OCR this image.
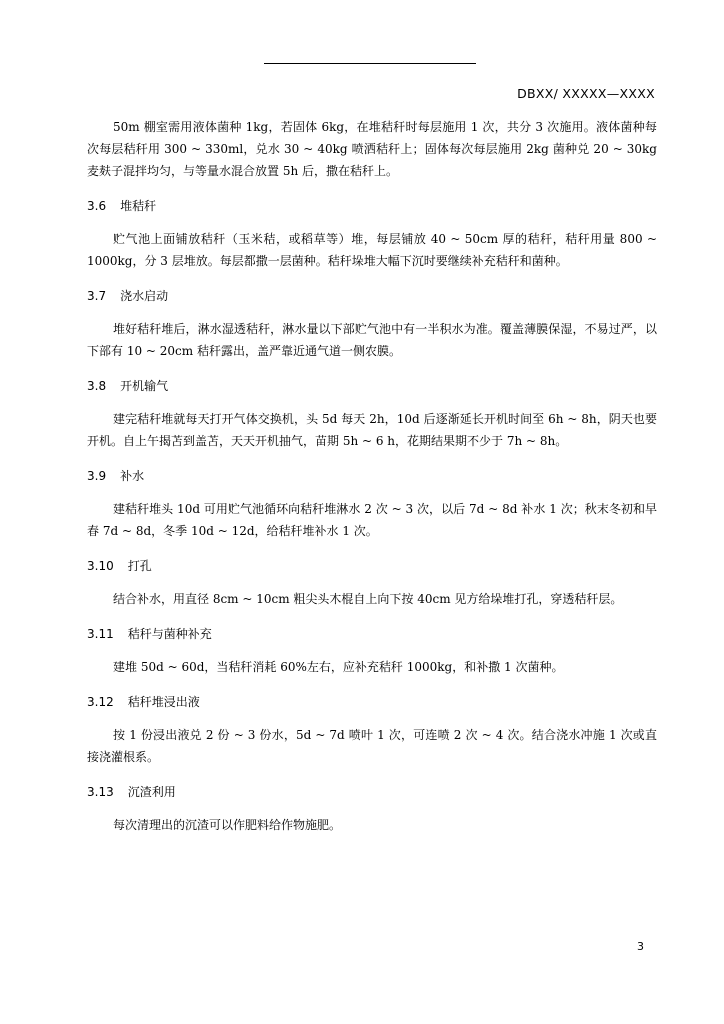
DBXX/ XXXXX—XXXX

50m 棚室需用液体菌种 1kg，若固体 6kg，在堆秸秆时每层施用 1 次，共分 3 次施用。液体菌种每次每层秸秆用 300 ~ 330ml，兑水 30 ~ 40kg 喷洒秸秆上；固体每次每层施用 2kg 菌种兑 20 ~ 30kg 麦麸子混拌均匀，与等量水混合放置 5h 后，撒在秸秆上。

3.6 堆秸秆

贮气池上面铺放秸秆（玉米秸，或稻草等）堆，每层铺放 40 ~ 50cm 厚的秸秆，秸秆用量 800 ~ 1000kg，分 3 层堆放。每层都撒一层菌种。秸秆垛堆大幅下沉时要继续补充秸秆和菌种。

3.7 浇水启动

堆好秸秆堆后，淋水湿透秸秆，淋水量以下部贮气池中有一半积水为准。覆盖薄膜保湿，不易过严，以下部有 10 ~ 20cm 秸秆露出，盖严靠近通气道一侧农膜。

3.8 开机输气

建完秸秆堆就每天打开气体交换机，头 5d 每天 2h，10d 后逐渐延长开机时间至 6h ~ 8h，阴天也要开机。自上午揭苫到盖苫，天天开机抽气，苗期 5h ~ 6 h，花期结果期不少于 7h ~ 8h。

3.9 补水

建秸秆堆头 10d 可用贮气池循环向秸秆堆淋水 2 次 ~ 3 次，以后 7d ~ 8d 补水 1 次；秋末冬初和早春 7d ~ 8d，冬季 10d ~ 12d，给秸秆堆补水 1 次。

3.10 打孔

结合补水，用直径 8cm ~ 10cm 粗尖头木棍自上向下按 40cm 见方给垛堆打孔，穿透秸秆层。

3.11 秸秆与菌种补充

建堆 50d ~ 60d，当秸秆消耗 60%左右，应补充秸秆 1000kg，和补撒 1 次菌种。

3.12 秸秆堆浸出液

按 1 份浸出液兑 2 份 ~ 3 份水，5d ~ 7d 喷叶 1 次，可连喷 2 次 ~ 4 次。结合浇水冲施 1 次或直接浇灌根系。

3.13 沉渣利用

每次清理出的沉渣可以作肥料给作物施肥。

3
